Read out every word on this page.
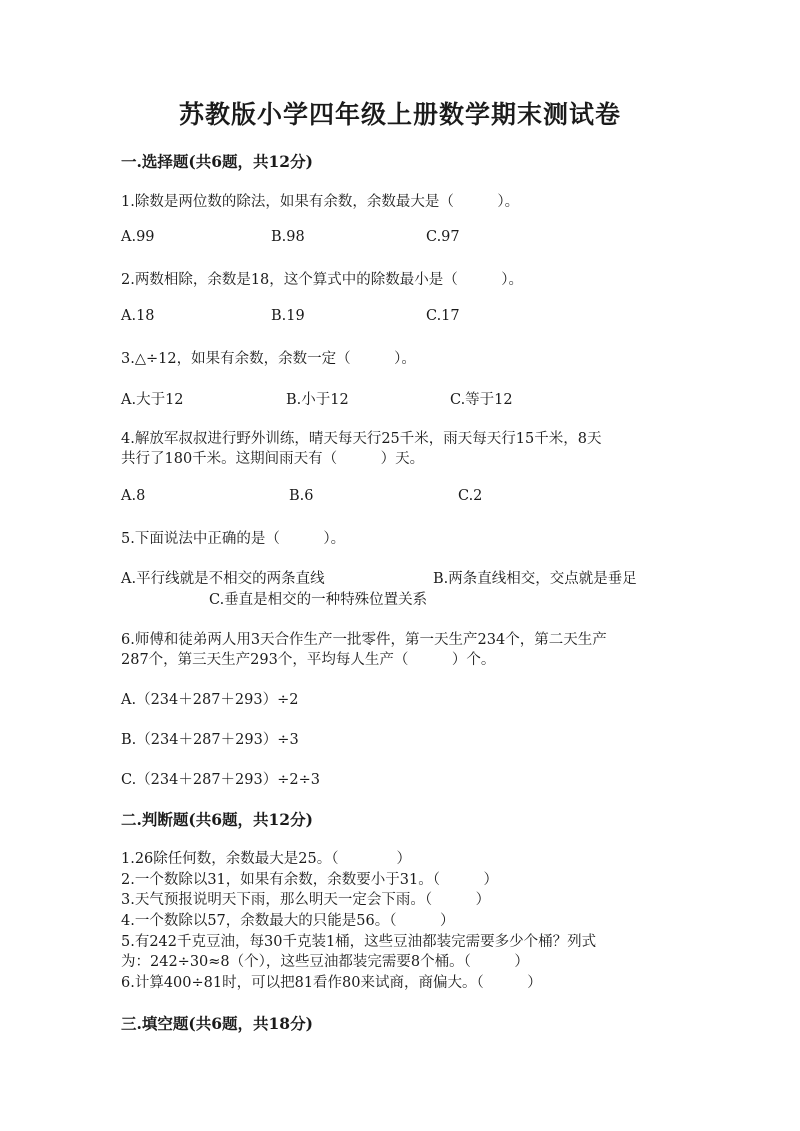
苏教版小学四年级上册数学期末测试卷
一.选择题(共6题，共12分)
1.除数是两位数的除法，如果有余数，余数最大是（　　　）。
A.99	B.98	C.97
2.两数相除，余数是18，这个算式中的除数最小是（　　　）。
A.18	B.19	C.17
3.△÷12，如果有余数，余数一定（　　　）。
A.大于12	B.小于12	C.等于12
4.解放军叔叔进行野外训练，晴天每天行25千米，雨天每天行15千米，8天
共行了180千米。这期间雨天有（　　　）天。
A.8	B.6	C.2
5.下面说法中正确的是（　　　）。
A.平行线就是不相交的两条直线	B.两条直线相交，交点就是垂足
C.垂直是相交的一种特殊位置关系
6.师傅和徒弟两人用3天合作生产一批零件，第一天生产234个，第二天生产
287个，第三天生产293个，平均每人生产（　　　）个。
A.（234＋287＋293）÷2
B.（234＋287＋293）÷3
C.（234＋287＋293）÷2÷3
二.判断题(共6题，共12分)
1.26除任何数，余数最大是25。（　　　　）
2.一个数除以31，如果有余数，余数要小于31。（　　　）
3.天气预报说明天下雨，那么明天一定会下雨。（　　　）
4.一个数除以57，余数最大的只能是56。（　　　）
5.有242千克豆油，每30千克装1桶，这些豆油都装完需要多少个桶？列式
为：242÷30≈8（个），这些豆油都装完需要8个桶。（　　　）
6.计算400÷81时，可以把81看作80来试商，商偏大。（　　　）
三.填空题(共6题，共18分)
